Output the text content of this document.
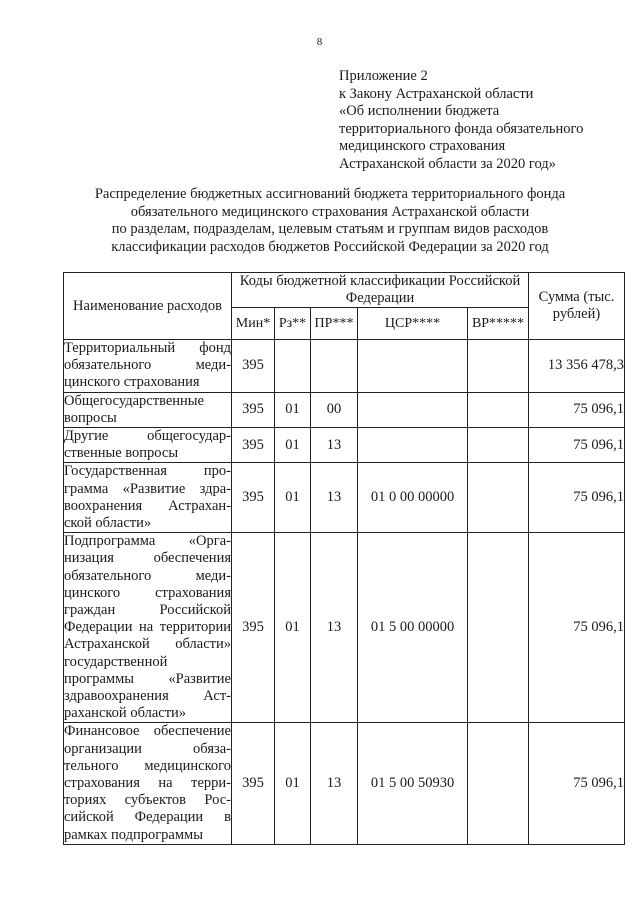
8
Приложение 2
к Закону Астраханской области
«Об исполнении бюджета
территориального фонда обязательного
медицинского страхования
Астраханской области за 2020 год»
Распределение бюджетных ассигнований бюджета территориального фонда
обязательного медицинского страхования Астраханской области
по разделам, подразделам, целевым статьям и группам видов расходов
классификации расходов бюджетов Российской Федерации за 2020 год
Наименование расходов	Коды бюджетной классификации Российской Федерации					Сумма (тыс. рублей)
	Мин*	Рз**	ПР***	ЦСР****	ВР*****	
Территориальный фонд обязательного медицинского страхования	395					13 356 478,3
Общегосударственные вопросы	395	01	00			75 096,1
Другие общегосударственные вопросы	395	01	13			75 096,1
Государственная программа «Развитие здравоохранения Астраханской области»	395	01	13	01 0 00 00000		75 096,1
Подпрограмма «Организация обеспечения обязательного медицинского страхования граждан Российской Федерации на территории Астраханской области» государственной программы «Развитие здравоохранения Астраханской области»	395	01	13	01 5 00 00000		75 096,1
Финансовое обеспечение организации обязательного медицинского страхования на территориях субъектов Российской Федерации в рамках подпрограммы	395	01	13	01 5 00 50930		75 096,1
